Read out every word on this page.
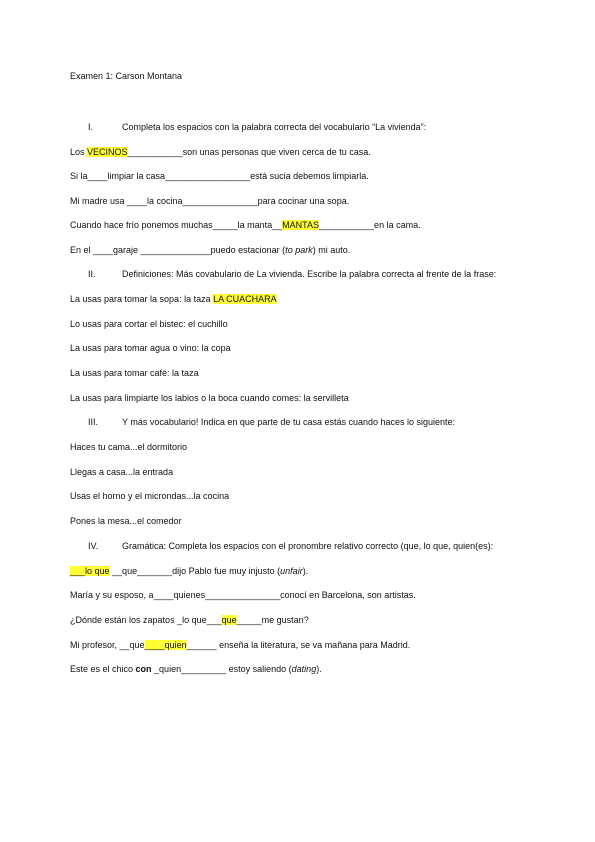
Examen 1: Carson Montana
I.	Completa los espacios con la palabra correcta del vocabulario “La vivienda”:
Los VECINOS___________son unas personas que viven cerca de tu casa.
Si la____limpiar la casa_________________está sucia debemos limpiarla.
Mi madre usa ____la cocina_______________para cocinar una sopa.
Cuando hace frío ponemos muchas_____la manta__MANTAS___________en la cama.
En el ____garaje ______________puedo estacionar (to park) mi auto.
II.	Definiciones: Más covabulario de La vivienda. Escribe la palabra correcta al frente de la frase:
La usas para tomar la sopa: la taza LA CUACHARA
Lo usas para cortar el bistec: el cuchillo
La usas para tomar agua o vino: la copa
La usas para tomar café: la taza
La usas para limpiarte los labios o la boca cuando comes: la servilleta
III.	Y más vocabulario! Indica en que parte de tu casa estás cuando haces lo siguiente:
Haces tu cama...el dormitorio
Llegas a casa...la entrada
Usas el horno y el microndas...la cocina
Pones la mesa...el comedor
IV.	Gramática: Completa los espacios con el pronombre relativo correcto (que, lo que, quien(es):
___lo que __que_______dijo Pablo fue muy injusto (unfair).
María y su esposo, a____quienes_______________conocí en Barcelona, son artistas.
¿Dónde están los zapatos _lo que___que_____me gustan?
Mi profesor, __que____quien______ enseña la literatura, se va mañana para Madrid.
Este es el chico con _quien_________ estoy saliendo (dating).
